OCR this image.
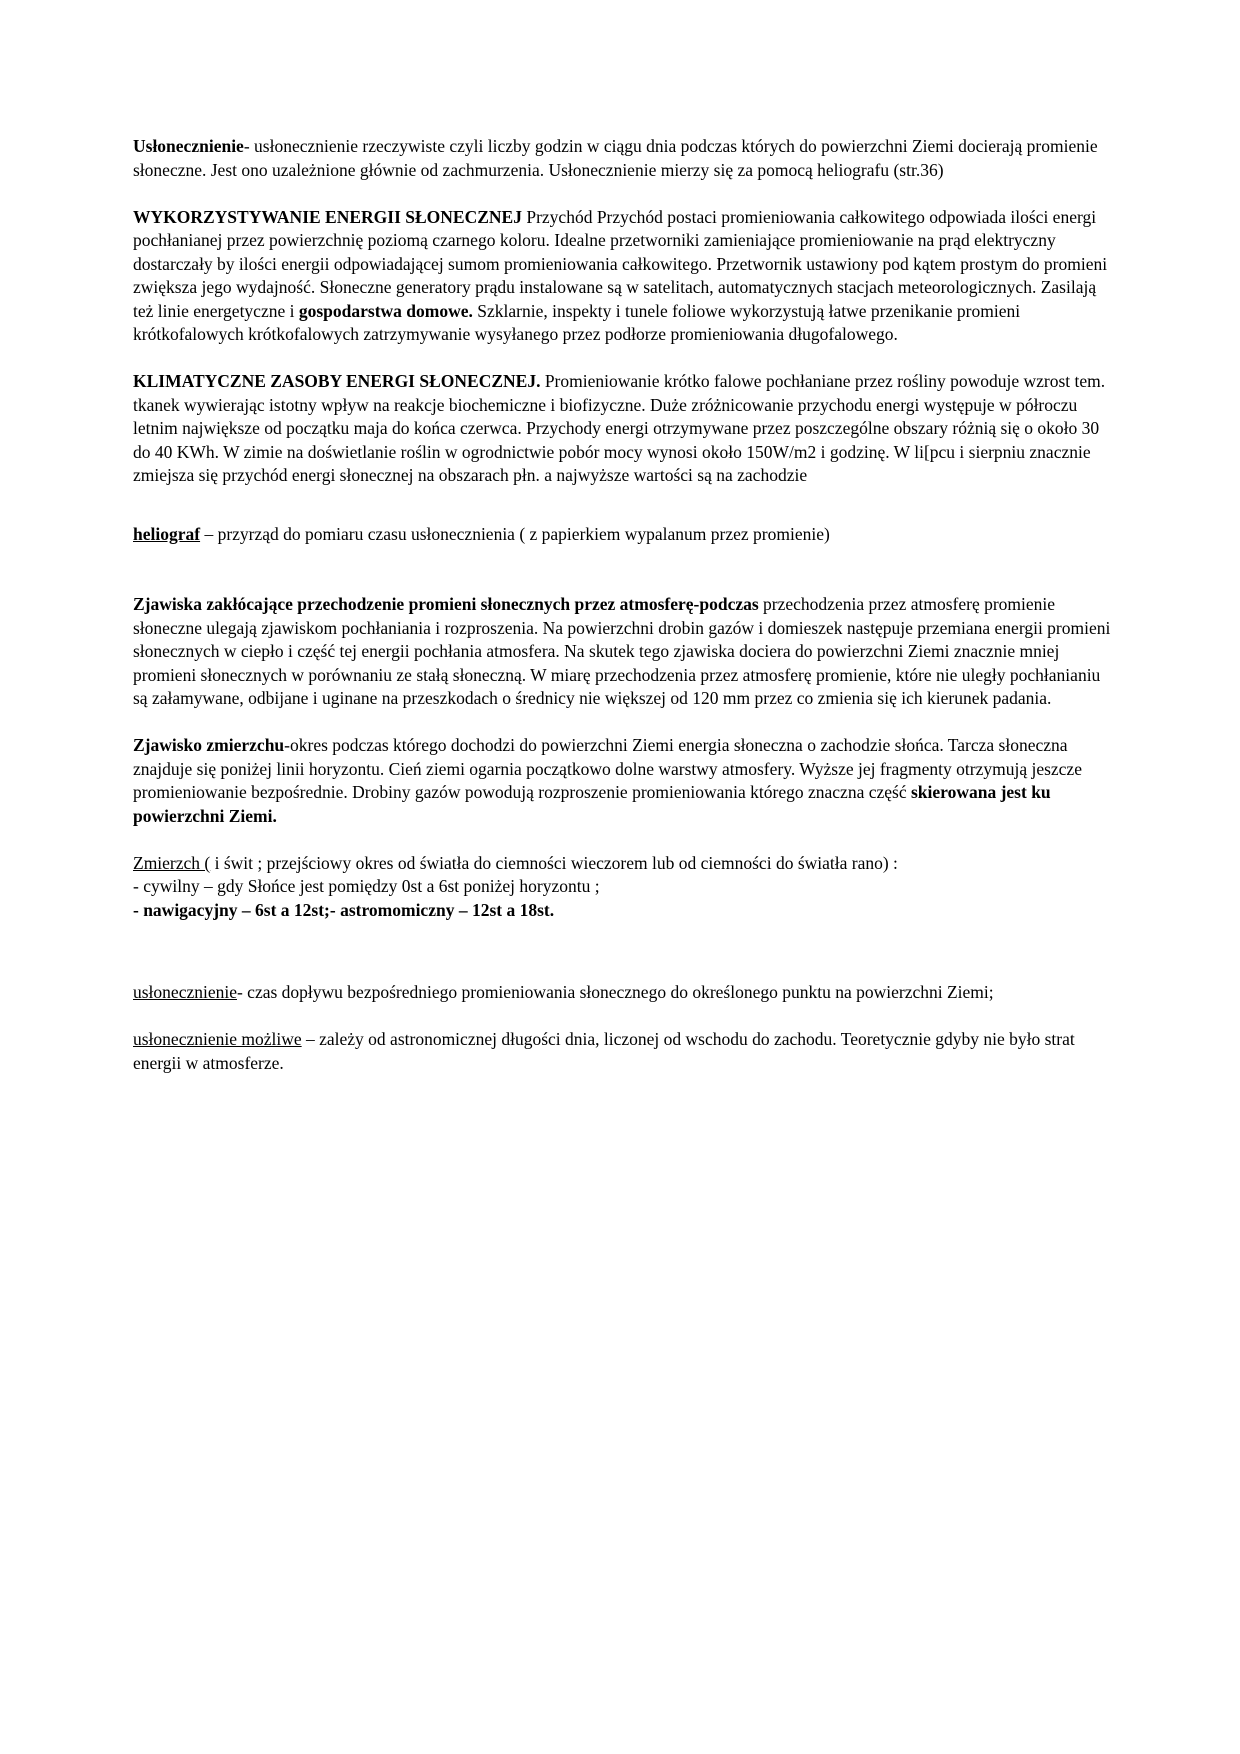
Usłonecznienie- usłonecznienie rzeczywiste czyli liczby godzin w ciągu dnia podczas których do powierzchni Ziemi docierają promienie słoneczne. Jest ono uzależnione głównie od zachmurzenia. Usłonecznienie mierzy się za pomocą heliografu (str.36)

WYKORZYSTYWANIE ENERGII SŁONECZNEJ Przychód Przychód postaci promieniowania całkowitego odpowiada ilości energi pochłanianej przez powierzchnię poziomą czarnego koloru. Idealne przetworniki zamieniające promieniowanie na prąd elektryczny dostarczały by ilości energii odpowiadającej sumom promieniowania całkowitego. Przetwornik ustawiony pod kątem prostym do promieni zwiększa jego wydajność. Słoneczne generatory prądu instalowane są w satelitach, automatycznych stacjach meteorologicznych. Zasilają też linie energetyczne i gospodarstwa domowe. Szklarnie, inspekty i tunele foliowe wykorzystują łatwe przenikanie promieni krótkofalowych krótkofalowych zatrzymywanie wysyłanego przez podłorze promieniowania długofalowego.

KLIMATYCZNE ZASOBY ENERGI SŁONECZNEJ. Promieniowanie krótko falowe pochłaniane przez rośliny powoduje wzrost tem. tkanek wywierając istotny wpływ na reakcje biochemiczne i biofizyczne. Duże zróżnicowanie przychodu energi występuje w półroczu letnim największe od początku maja do końca czerwca. Przychody energi otrzymywane przez poszczególne obszary różnią się o około 30 do 40 KWh. W zimie na doświetlanie roślin w ogrodnictwie pobór mocy wynosi około 150W/m2 i godzinę. W li[pcu i sierpniu znacznie zmiejsza się przychód energi słonecznej na obszarach płn. a najwyższe wartości są na zachodzie

heliograf – przyrząd do pomiaru czasu usłonecznienia ( z papierkiem wypalanum przez promienie)

Zjawiska zakłócające przechodzenie promieni słonecznych przez atmosferę-podczas przechodzenia przez atmosferę promienie słoneczne ulegają zjawiskom pochłaniania i rozproszenia. Na powierzchni drobin gazów i domieszek następuje przemiana energii promieni słonecznych w ciepło i część tej energii pochłania atmosfera. Na skutek tego zjawiska dociera do powierzchni Ziemi znacznie mniej promieni słonecznych w porównaniu ze stałą słoneczną. W miarę przechodzenia przez atmosferę promienie, które nie uległy pochłanianiu są załamywane, odbijane i uginane na przeszkodach o średnicy nie większej od 120 mm przez co zmienia się ich kierunek padania.

Zjawisko zmierzchu-okres podczas którego dochodzi do powierzchni Ziemi energia słoneczna o zachodzie słońca. Tarcza słoneczna znajduje się poniżej linii horyzontu. Cień ziemi ogarnia początkowo dolne warstwy atmosfery. Wyższe jej fragmenty otrzymują jeszcze promieniowanie bezpośrednie. Drobiny gazów powodują rozproszenie promieniowania którego znaczna część skierowana jest ku powierzchni Ziemi.

Zmierzch ( i świt ; przejściowy okres od światła do ciemności wieczorem lub od ciemności do światła rano) :
- cywilny – gdy Słońce jest pomiędzy 0st a 6st poniżej horyzontu ;
- nawigacyjny – 6st a 12st;- astromomiczny – 12st a 18st.

usłonecznienie- czas dopływu bezpośredniego promieniowania słonecznego do określonego punktu na powierzchni Ziemi;

usłonecznienie możliwe – zależy od astronomicznej długości dnia, liczonej od wschodu do zachodu. Teoretycznie gdyby nie było strat energii w atmosferze.
